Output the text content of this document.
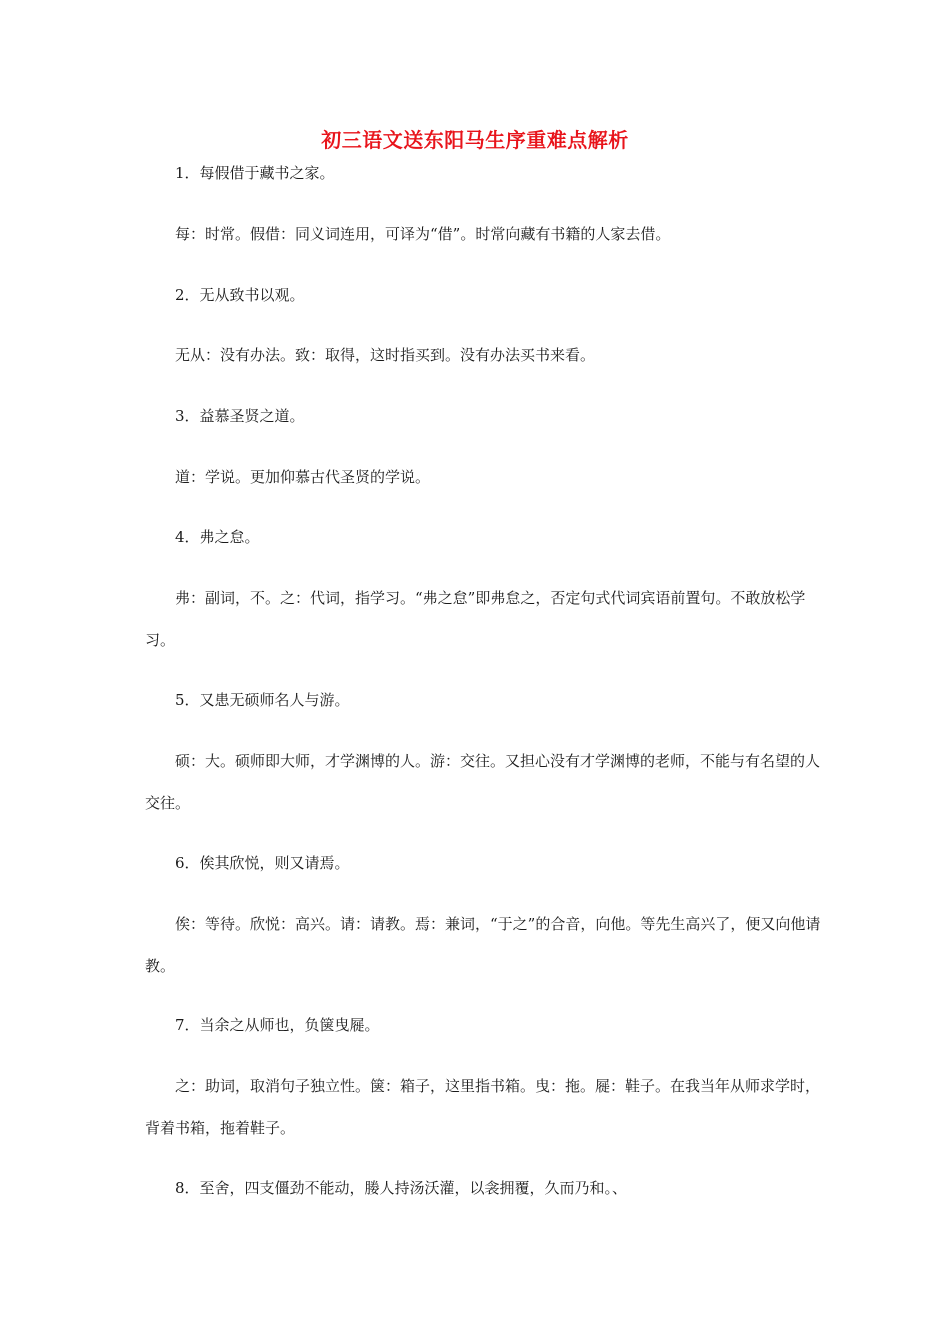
初三语文送东阳马生序重难点解析

1．每假借于藏书之家。

每：时常。假借：同义词连用，可译为“借”。时常向藏有书籍的人家去借。

2．无从致书以观。

无从：没有办法。致：取得，这时指买到。没有办法买书来看。

3．益慕圣贤之道。

道：学说。更加仰慕古代圣贤的学说。

4．弗之怠。

弗：副词，不。之：代词，指学习。“弗之怠”即弗怠之，否定句式代词宾语前置句。不敢放松学习。

5．又患无硕师名人与游。

硕：大。硕师即大师，才学渊博的人。游：交往。又担心没有才学渊博的老师，不能与有名望的人交往。

6．俟其欣悦，则又请焉。

俟：等待。欣悦：高兴。请：请教。焉：兼词，“于之”的合音，向他。等先生高兴了，便又向他请教。

7．当余之从师也，负箧曳屣。

之：助词，取消句子独立性。箧：箱子，这里指书箱。曳：拖。屣：鞋子。在我当年从师求学时，背着书箱，拖着鞋子。

8．至舍，四支僵劲不能动，媵人持汤沃灌，以衾拥覆，久而乃和。、
